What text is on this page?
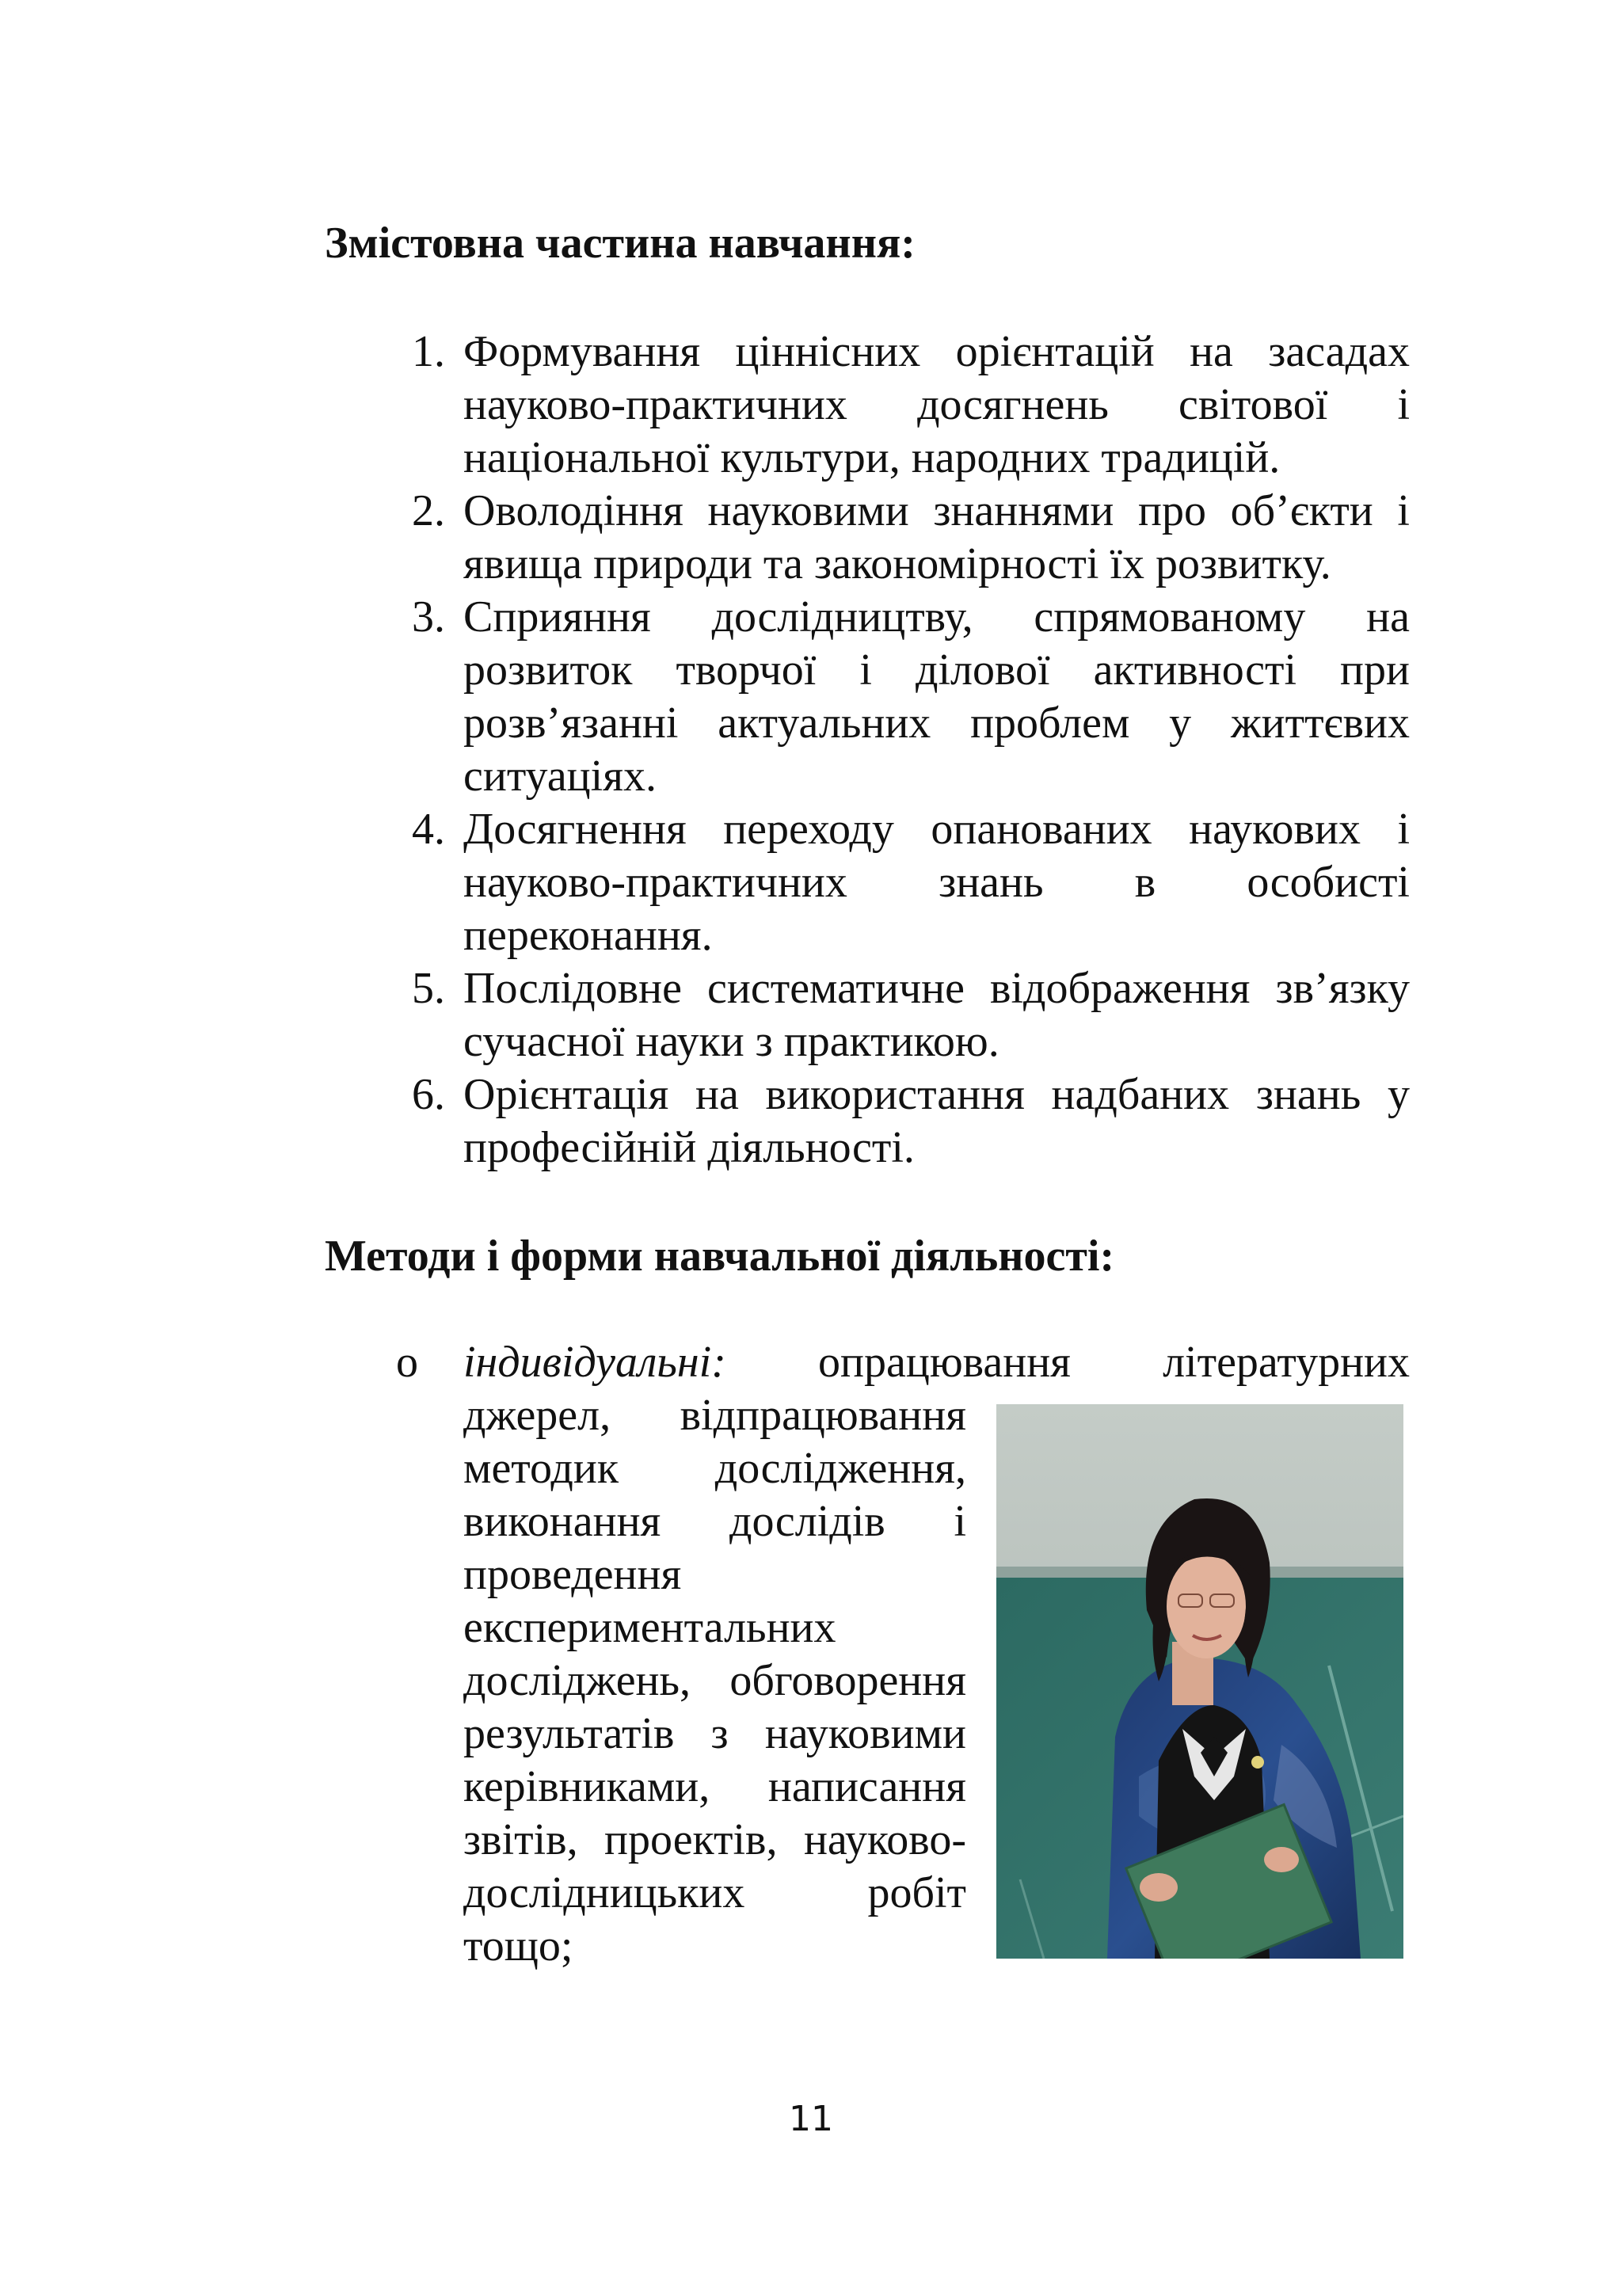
Змістовна частина навчання:
1. Формування ціннісних орієнтацій на засадах науково-практичних досягнень світової і національної культури, народних традицій.
2. Оволодіння науковими знаннями про об’єкти і явища природи та закономірності їх розвитку.
3. Сприяння дослідництву, спрямованому на розвиток творчої і ділової активності при розв’язанні актуальних проблем у життєвих ситуаціях.
4. Досягнення переходу опанованих наукових і науково-практичних знань в особисті переконання.
5. Послідовне систематичне відображення зв’язку сучасної науки з практикою.
6. Орієнтація на використання надбаних знань у професійній діяльності.
Методи і форми навчальної діяльності:
o індивідуальні: опрацювання літературних
джерел, відпрацювання методик дослідження, виконання дослідів і проведення експериментальних досліджень, обговорення результатів з науковими керівниками, написання звітів, проектів, науково-дослідницьких робіт тощо;
11
